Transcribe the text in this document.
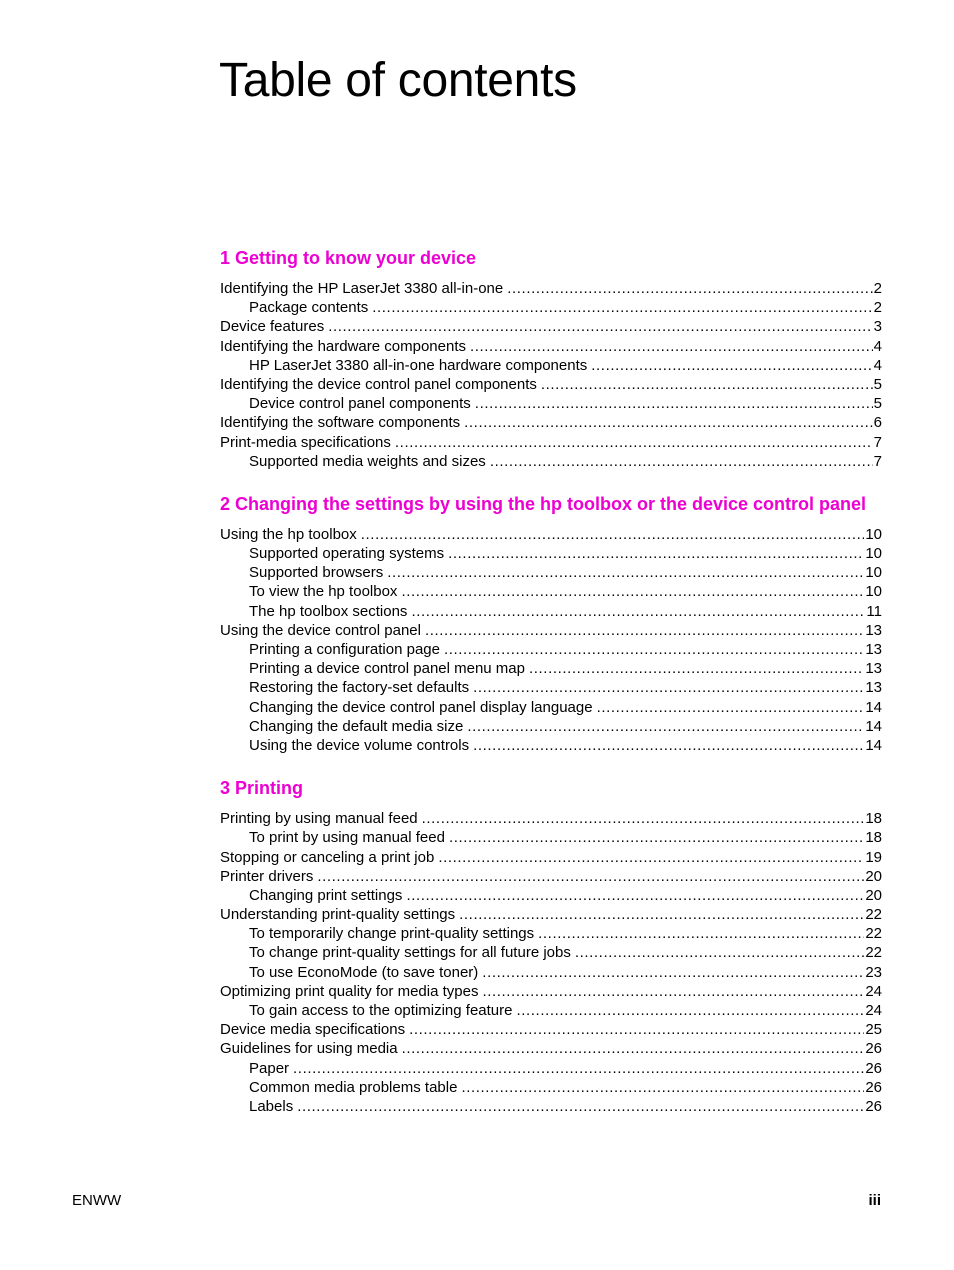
Table of contents
1 Getting to know your device
Identifying the HP LaserJet 3380 all-in-one .....	2
Package contents .....	2
Device features .....	3
Identifying the hardware components .....	4
HP LaserJet 3380 all-in-one hardware components .....	4
Identifying the device control panel components .....	5
Device control panel components .....	5
Identifying the software components .....	6
Print-media specifications .....	7
Supported media weights and sizes .....	7
2 Changing the settings by using the hp toolbox or the device control panel
Using the hp toolbox .....	10
Supported operating systems .....	10
Supported browsers .....	10
To view the hp toolbox .....	10
The hp toolbox sections .....	11
Using the device control panel .....	13
Printing a configuration page .....	13
Printing a device control panel menu map .....	13
Restoring the factory-set defaults .....	13
Changing the device control panel display language .....	14
Changing the default media size .....	14
Using the device volume controls .....	14
3 Printing
Printing by using manual feed .....	18
To print by using manual feed .....	18
Stopping or canceling a print job .....	19
Printer drivers .....	20
Changing print settings .....	20
Understanding print-quality settings .....	22
To temporarily change print-quality settings .....	22
To change print-quality settings for all future jobs .....	22
To use EconoMode (to save toner) .....	23
Optimizing print quality for media types .....	24
To gain access to the optimizing feature .....	24
Device media specifications .....	25
Guidelines for using media .....	26
Paper .....	26
Common media problems table .....	26
Labels .....	26
ENWW	iii
